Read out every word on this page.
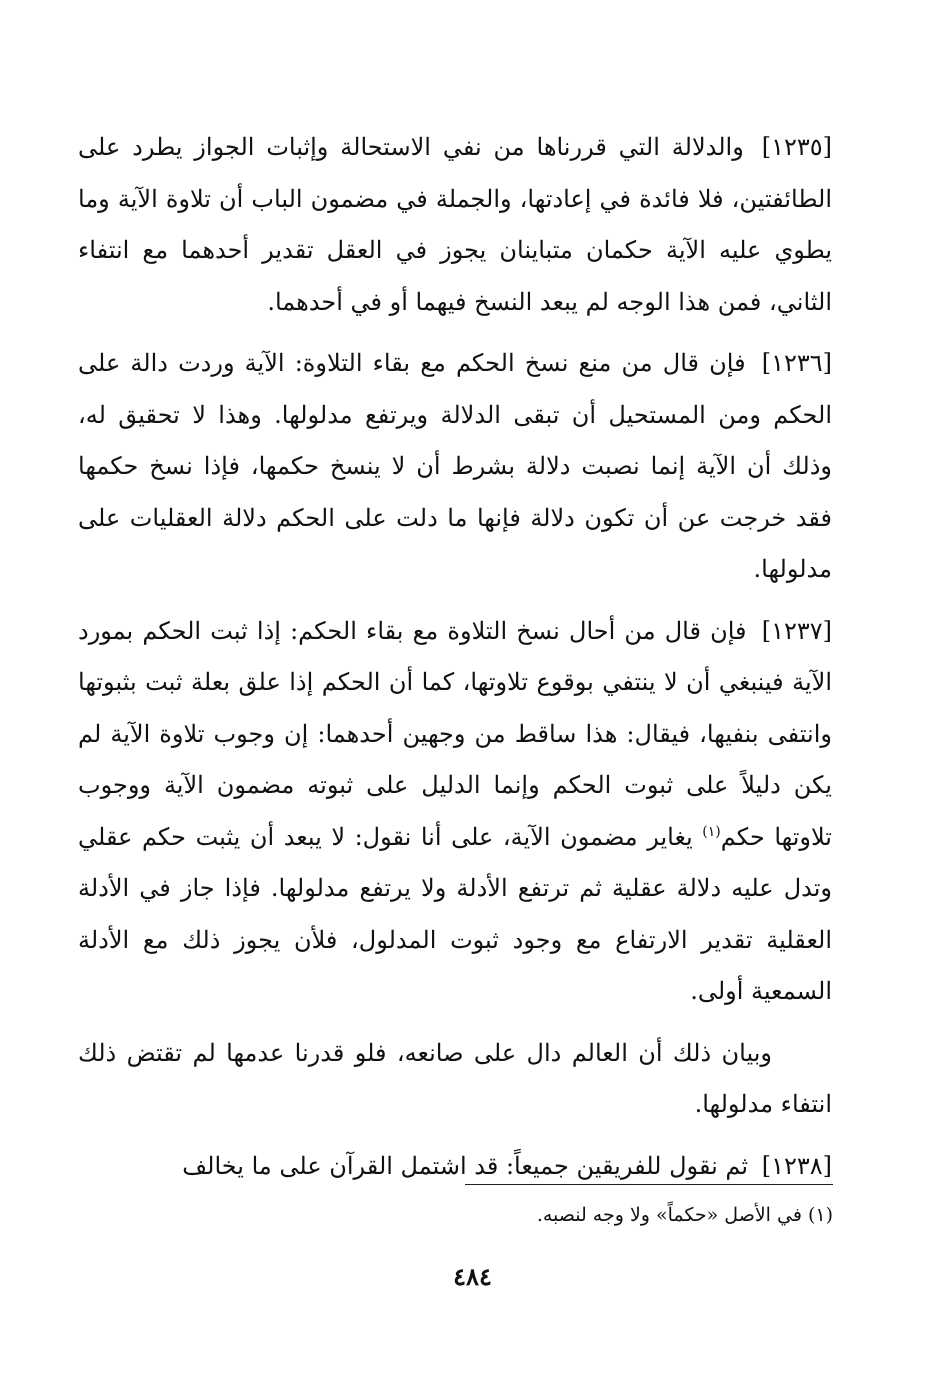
[١٢٣٥] والدلالة التي قررناها من نفي الاستحالة وإثبات الجواز يطرد على الطائفتين، فلا فائدة في إعادتها، والجملة في مضمون الباب أن تلاوة الآية وما يطوي عليه الآية حكمان متباينان يجوز في العقل تقدير أحدهما مع انتفاء الثاني، فمن هذا الوجه لم يبعد النسخ فيهما أو في أحدهما.

[١٢٣٦] فإن قال من منع نسخ الحكم مع بقاء التلاوة: الآية وردت دالة على الحكم ومن المستحيل أن تبقى الدلالة ويرتفع مدلولها. وهذا لا تحقيق له، وذلك أن الآية إنما نصبت دلالة بشرط أن لا ينسخ حكمها، فإذا نسخ حكمها فقد خرجت عن أن تكون دلالة فإنها ما دلت على الحكم دلالة العقليات على مدلولها.

[١٢٣٧] فإن قال من أحال نسخ التلاوة مع بقاء الحكم: إذا ثبت الحكم بمورد الآية فينبغي أن لا ينتفي بوقوع تلاوتها، كما أن الحكم إذا علق بعلة ثبت بثبوتها وانتفى بنفيها، فيقال: هذا ساقط من وجهين أحدهما: إن وجوب تلاوة الآية لم يكن دليلاً على ثبوت الحكم وإنما الدليل على ثبوته مضمون الآية ووجوب تلاوتها حكم$^{(١)}$ يغاير مضمون الآية، على أنا نقول: لا يبعد أن يثبت حكم عقلي وتدل عليه دلالة عقلية ثم ترتفع الأدلة ولا يرتفع مدلولها. فإذا جاز في الأدلة العقلية تقدير الارتفاع مع وجود ثبوت المدلول، فلأن يجوز ذلك مع الأدلة السمعية أولى.

وبيان ذلك أن العالم دال على صانعه، فلو قدرنا عدمها لم تقتض ذلك انتفاء مدلولها.

[١٢٣٨] ثم نقول للفريقين جميعاً: قد اشتمل القرآن على ما يخالف

(١) في الأصل «حكماً» ولا وجه لنصبه.

٤٨٤
